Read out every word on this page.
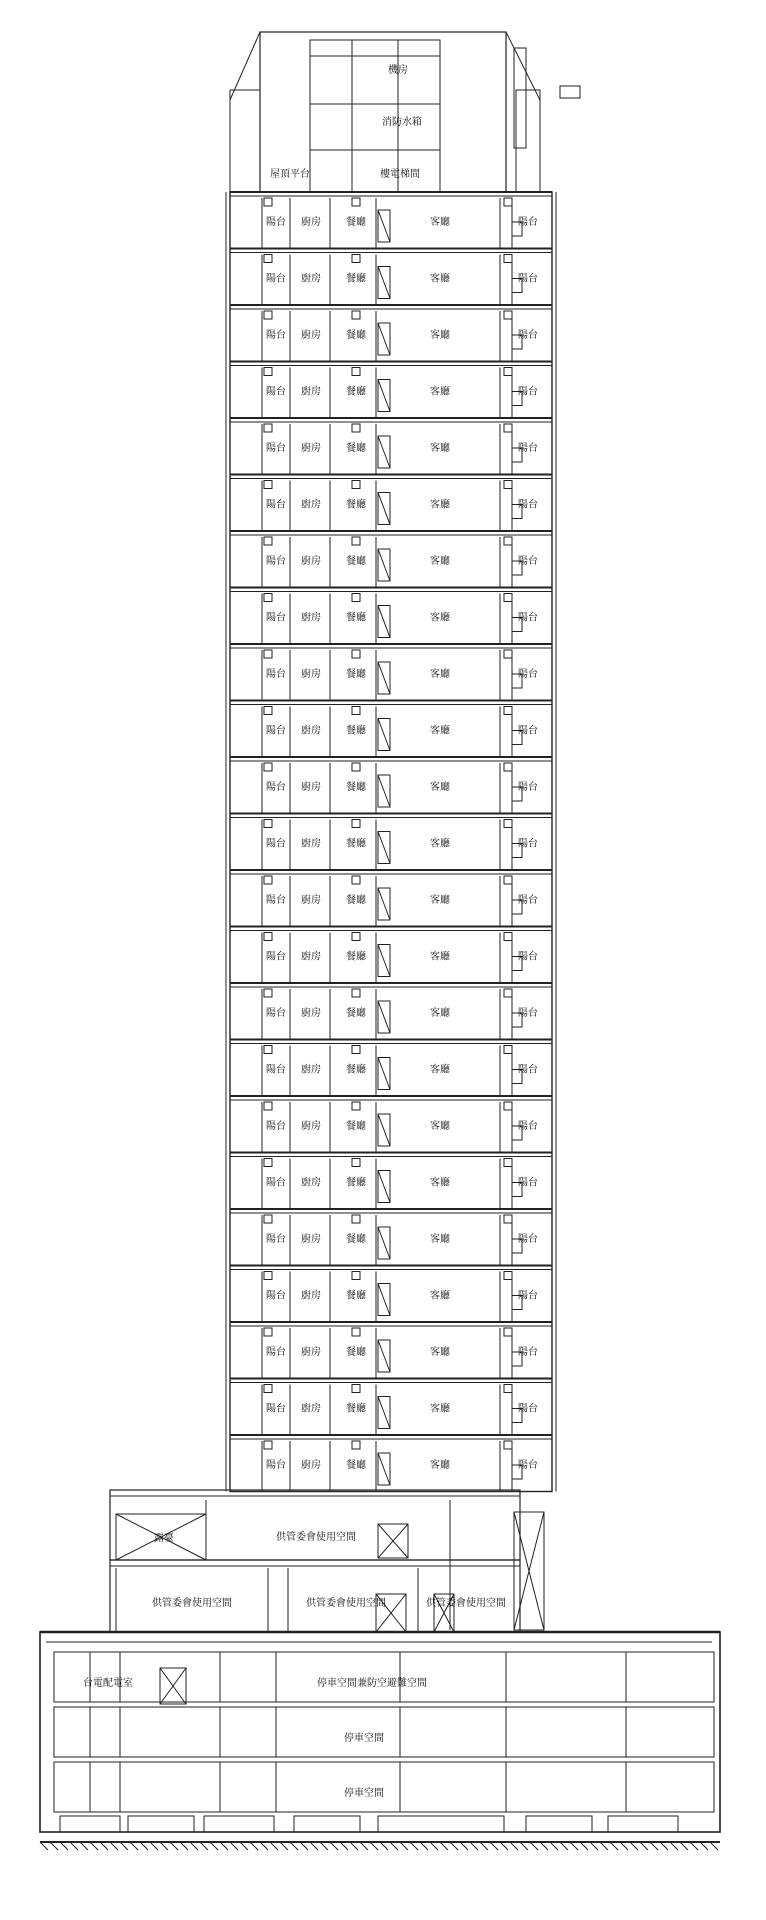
機房
消防水箱
屋頂平台	樓電梯間
陽台 廚房	餐廳	客廳	陽台
陽台 廚房	餐廳	客廳	陽台
陽台 廚房	餐廳	客廳	陽台
陽台 廚房	餐廳	客廳	陽台
陽台 廚房	餐廳	客廳	陽台
陽台 廚房	餐廳	客廳	陽台
陽台 廚房	餐廳	客廳	陽台
陽台 廚房	餐廳	客廳	陽台
陽台 廚房	餐廳	客廳	陽台
陽台 廚房	餐廳	客廳	陽台
陽台 廚房	餐廳	客廳	陽台
陽台 廚房	餐廳	客廳	陽台
陽台 廚房	餐廳	客廳	陽台
陽台 廚房	餐廳	客廳	陽台
陽台 廚房	餐廳	客廳	陽台
陽台 廚房	餐廳	客廳	陽台
陽台 廚房	餐廳	客廳	陽台
陽台 廚房	餐廳	客廳	陽台
陽台 廚房	餐廳	客廳	陽台
陽台 廚房	餐廳	客廳	陽台
陽台 廚房	餐廳	客廳	陽台
陽台 廚房	餐廳	客廳	陽台
陽台 廚房	餐廳	客廳	陽台
露臺	供管委會使用空間
供管委會使用空間	供管委會使用空間	供管委會使用空間
台電配電室	停車空間兼防空避難空間
停車空間
停車空間
